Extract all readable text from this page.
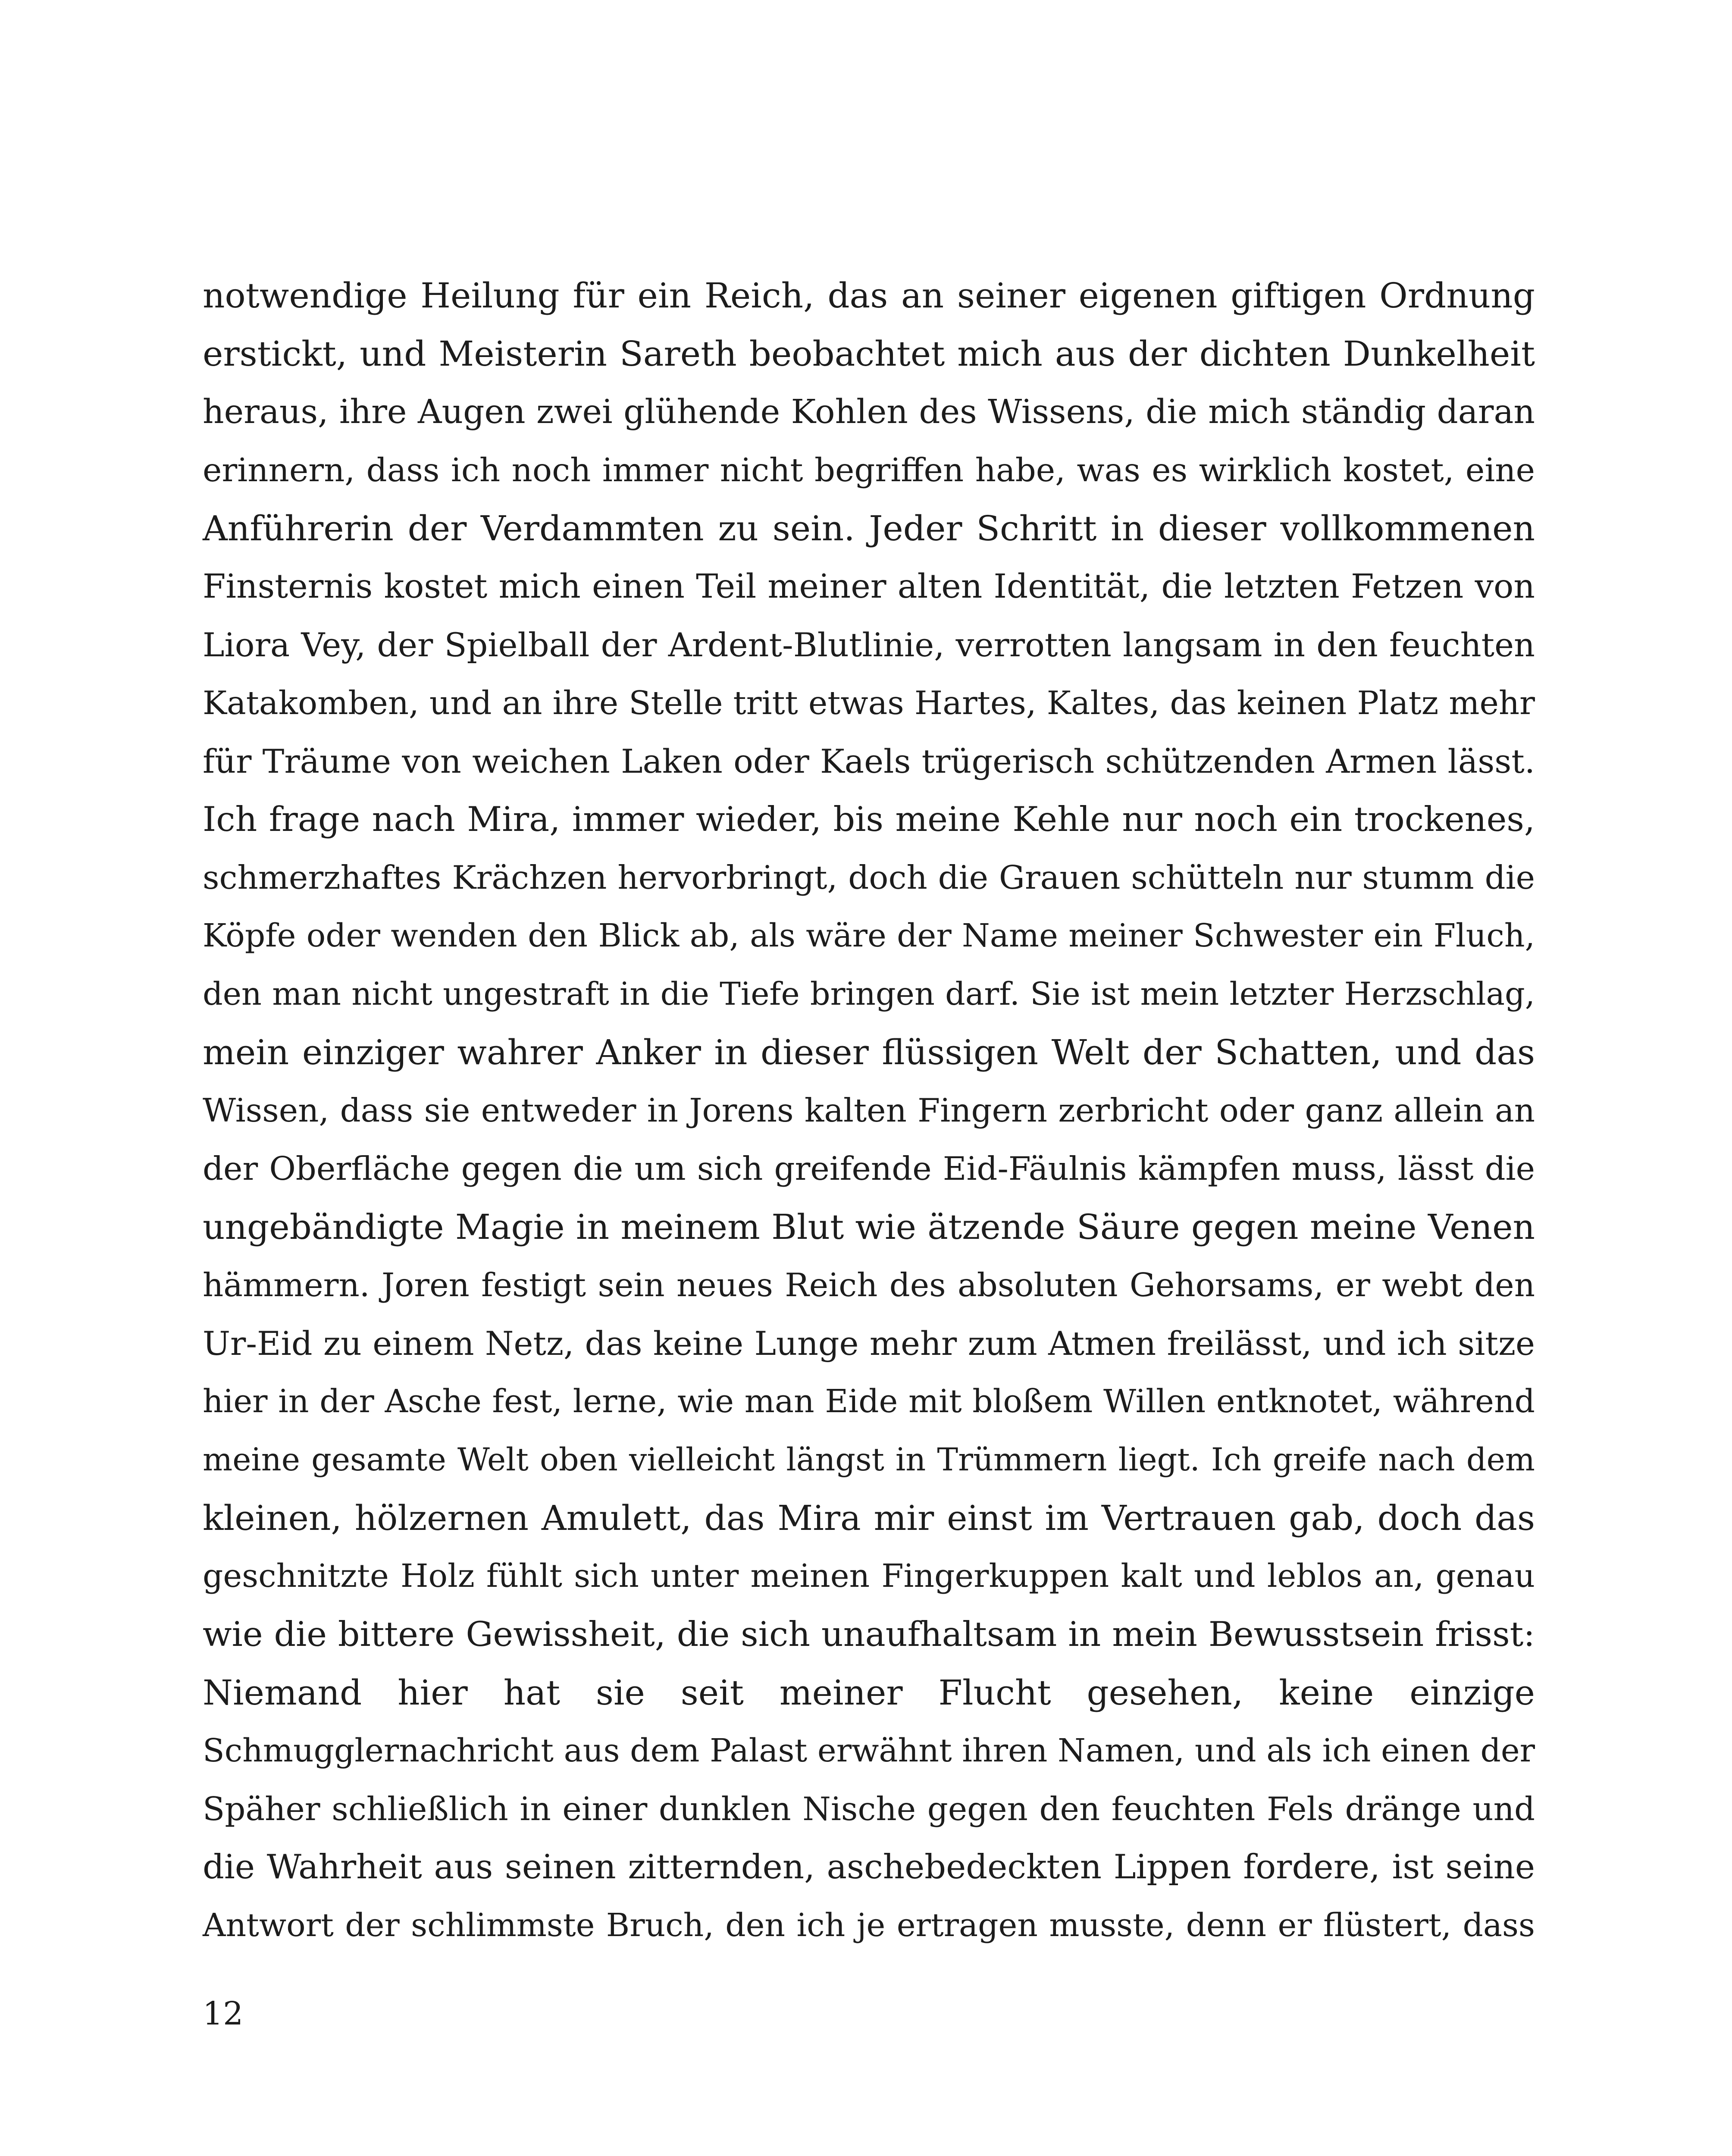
notwendige Heilung für ein Reich, das an seiner eigenen giftigen Ordnung
erstickt, und Meisterin Sareth beobachtet mich aus der dichten Dunkelheit
heraus, ihre Augen zwei glühende Kohlen des Wissens, die mich ständig daran
erinnern, dass ich noch immer nicht begriffen habe, was es wirklich kostet, eine
Anführerin der Verdammten zu sein. Jeder Schritt in dieser vollkommenen
Finsternis kostet mich einen Teil meiner alten Identität, die letzten Fetzen von
Liora Vey, der Spielball der Ardent-Blutlinie, verrotten langsam in den feuchten
Katakomben, und an ihre Stelle tritt etwas Hartes, Kaltes, das keinen Platz mehr
für Träume von weichen Laken oder Kaels trügerisch schützenden Armen lässt.
Ich frage nach Mira, immer wieder, bis meine Kehle nur noch ein trockenes,
schmerzhaftes Krächzen hervorbringt, doch die Grauen schütteln nur stumm die
Köpfe oder wenden den Blick ab, als wäre der Name meiner Schwester ein Fluch,
den man nicht ungestraft in die Tiefe bringen darf. Sie ist mein letzter Herzschlag,
mein einziger wahrer Anker in dieser flüssigen Welt der Schatten, und das
Wissen, dass sie entweder in Jorens kalten Fingern zerbricht oder ganz allein an
der Oberfläche gegen die um sich greifende Eid-Fäulnis kämpfen muss, lässt die
ungebändigte Magie in meinem Blut wie ätzende Säure gegen meine Venen
hämmern. Joren festigt sein neues Reich des absoluten Gehorsams, er webt den
Ur-Eid zu einem Netz, das keine Lunge mehr zum Atmen freilässt, und ich sitze
hier in der Asche fest, lerne, wie man Eide mit bloßem Willen entknotet, während
meine gesamte Welt oben vielleicht längst in Trümmern liegt. Ich greife nach dem
kleinen, hölzernen Amulett, das Mira mir einst im Vertrauen gab, doch das
geschnitzte Holz fühlt sich unter meinen Fingerkuppen kalt und leblos an, genau
wie die bittere Gewissheit, die sich unaufhaltsam in mein Bewusstsein frisst:
Niemand hier hat sie seit meiner Flucht gesehen, keine einzige
Schmugglernachricht aus dem Palast erwähnt ihren Namen, und als ich einen der
Späher schließlich in einer dunklen Nische gegen den feuchten Fels dränge und
die Wahrheit aus seinen zitternden, aschebedeckten Lippen fordere, ist seine
Antwort der schlimmste Bruch, den ich je ertragen musste, denn er flüstert, dass
12
